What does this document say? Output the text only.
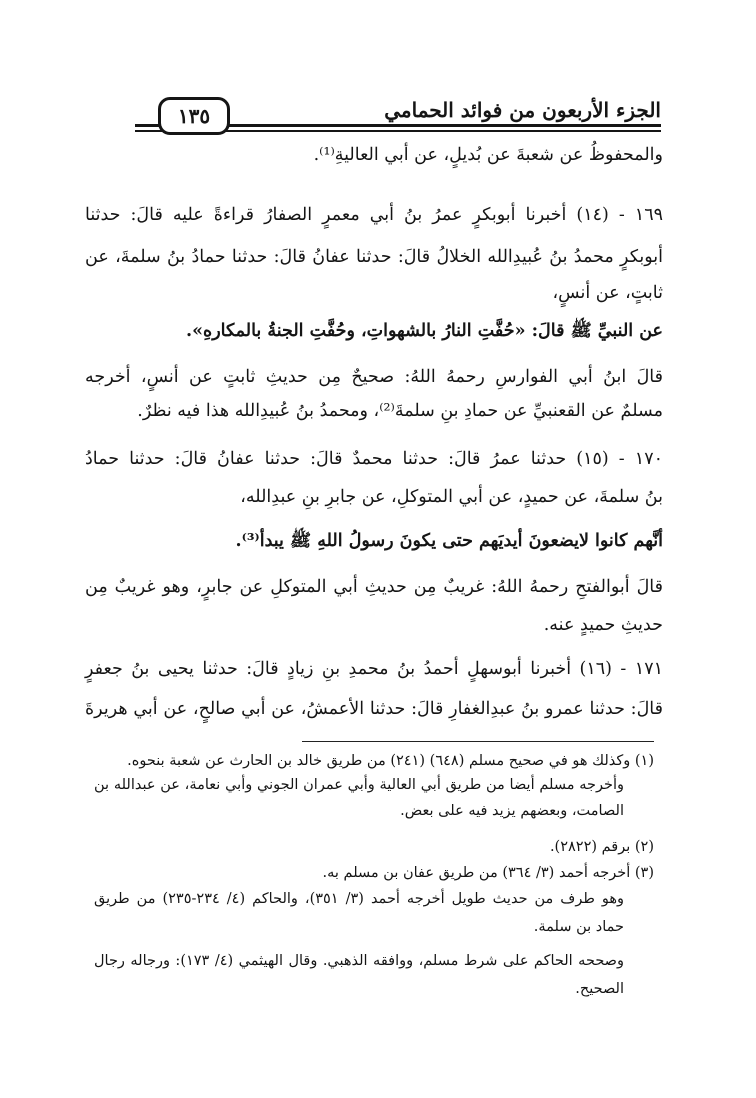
الجزء الأربعون من فوائد الحمامي
١٣٥
والمحفوظُ عن شعبةَ عن بُديلٍ، عن أبي العاليةِ⁽¹⁾.
١٦٩ - (١٤) أخبرنا أبوبكرٍ عمرُ بنُ أبي معمرٍ الصفارُ قراءةً عليه قالَ: حدثنا
أبوبكرٍ محمدُ بنُ عُبيدِالله الخلالُ قالَ: حدثنا عفانُ قالَ: حدثنا حمادُ بنُ سلمةَ، عن
ثابتٍ، عن أنسٍ،
عن النبيِّ ﷺ قالَ: «حُفَّتِ النارُ بالشهواتِ، وحُفَّتِ الجنةُ بالمكارهِ».
قالَ ابنُ أبي الفوارسِ رحمهُ اللهُ: صحيحٌ مِن حديثِ ثابتٍ عن أنسٍ، أخرجه
مسلمٌ عن القعنبيِّ عن حمادِ بنِ سلمةَ⁽²⁾، ومحمدُ بنُ عُبيدِالله هذا فيه نظرٌ.
١٧٠ - (١٥) حدثنا عمرُ قالَ: حدثنا محمدٌ قالَ: حدثنا عفانُ قالَ: حدثنا حمادُ
بنُ سلمةَ، عن حميدٍ، عن أبي المتوكلِ، عن جابرِ بنِ عبدِالله،
أنَّهم كانوا لايضعونَ أيديَهم حتى يكونَ رسولُ اللهِ ﷺ يبدأ⁽³⁾.
قالَ أبوالفتحِ رحمهُ اللهُ: غريبٌ مِن حديثِ أبي المتوكلِ عن جابرٍ، وهو غريبٌ مِن
حديثِ حميدٍ عنه.
١٧١ - (١٦) أخبرنا أبوسهلٍ أحمدُ بنُ محمدِ بنِ زيادٍ قالَ: حدثنا يحيى بنُ جعفرٍ
قالَ: حدثنا عمرو بنُ عبدِالغفارِ قالَ: حدثنا الأعمشُ، عن أبي صالحٍ، عن أبي هريرةَ
(١) وكذلك هو في صحيح مسلم (٦٤٨) (٢٤١) من طريق خالد بن الحارث عن شعبة بنحوه.
وأخرجه مسلم أيضا من طريق أبي العالية وأبي عمران الجوني وأبي نعامة، عن عبدالله بن
الصامت، وبعضهم يزيد فيه على بعض.
(٢) برقم (٢٨٢٢).
(٣) أخرجه أحمد (٣/ ٣٦٤) من طريق عفان بن مسلم به.
وهو طرف من حديث طويل أخرجه أحمد (٣/ ٣٥١)، والحاكم (٤/ ٢٣٤-٢٣٥) من طريق
حماد بن سلمة.
وصححه الحاكم على شرط مسلم، ووافقه الذهبي. وقال الهيثمي (٤/ ١٧٣): ورجاله رجال
الصحيح.
